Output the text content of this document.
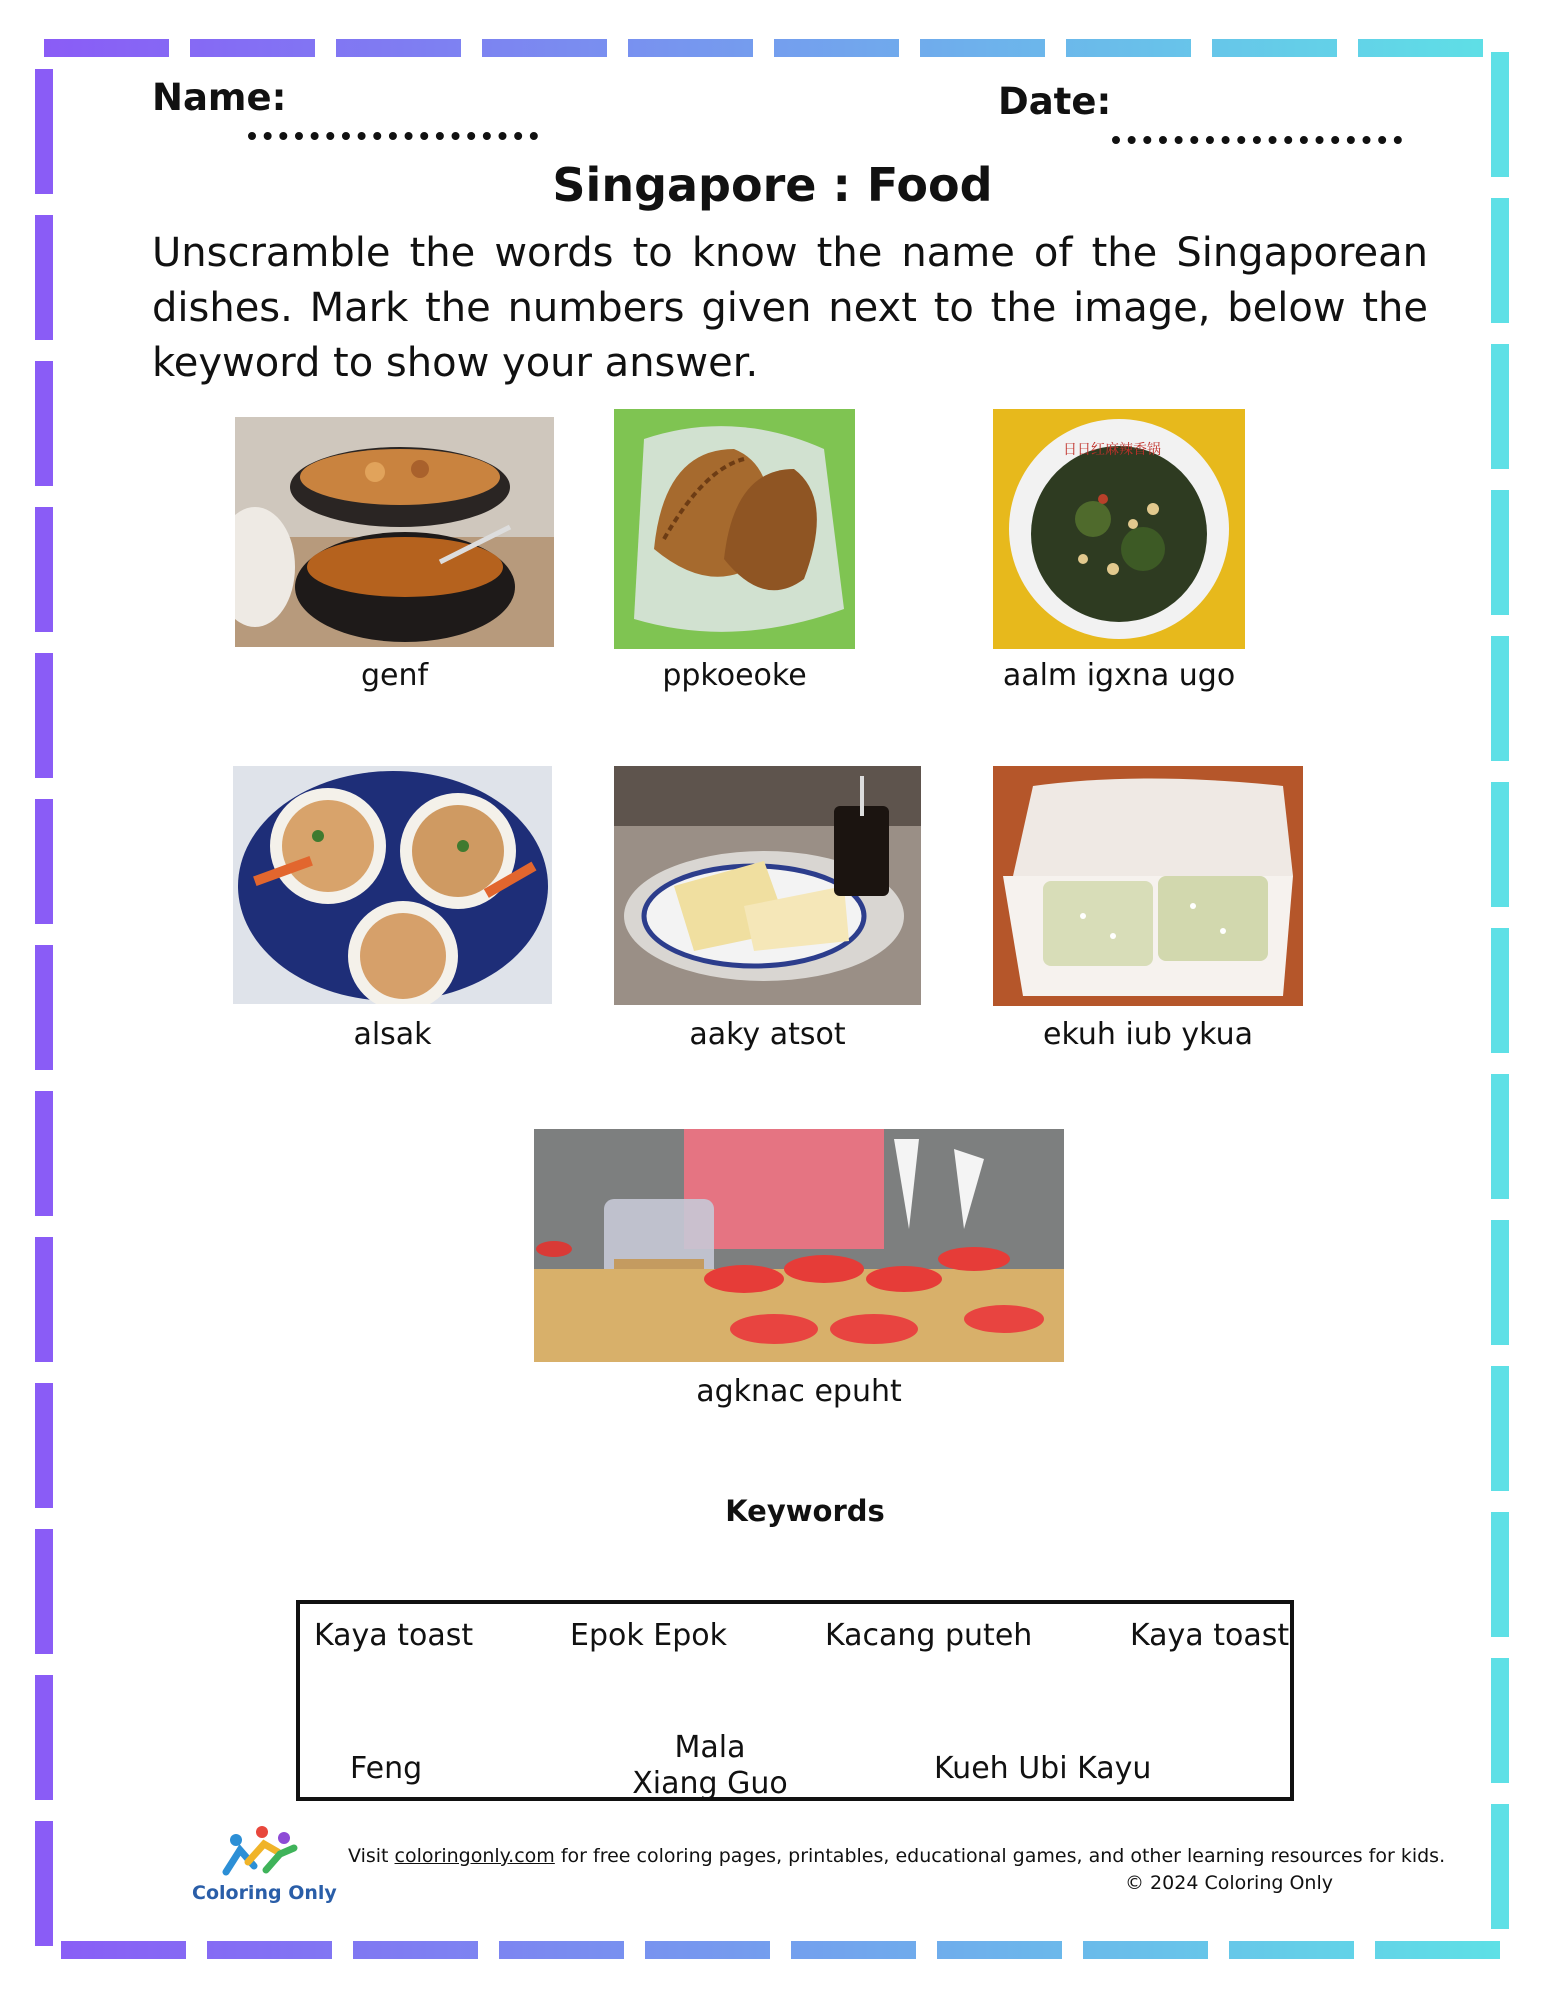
Name:	Date:
Singapore : Food
Unscramble the words to know the name of the Singaporean dishes. Mark the numbers given next to the image, below the keyword to show your answer.
genf	ppkoeoke
日日红麻辣香锅
aalm igxna ugo
alsak	aaky atsot	ekuh iub ykua
agknac epuht
Keywords
Kaya toast	Epok Epok	Kacang puteh	Kaya toast
Feng
Mala Xiang Guo	Kueh Ubi Kayu
Coloring Only
Visit coloringonly.com for free coloring pages, printables, educational games, and other learning resources for kids.
© 2024 Coloring Only
